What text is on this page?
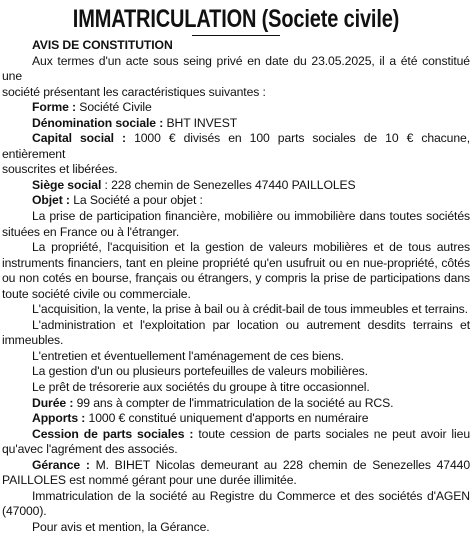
IMMATRICULATION (Societe civile)

AVIS DE CONSTITUTION

Aux termes d'un acte sous seing privé en date du 23.05.2025, il a été constitué une

société présentant les caractéristiques suivantes :

Forme : Société Civile

Dénomination sociale : BHT INVEST

Capital social : 1000 € divisés en 100 parts sociales de 10 € chacune, entièrement

souscrites et libérées.

Siège social : 228 chemin de Senezelles 47440 PAILLOLES

Objet : La Société a pour objet :

La prise de participation financière, mobilière ou immobilière dans toutes sociétés

situées en France ou à l'étranger.

La propriété, l'acquisition et la gestion de valeurs mobilières et de tous autres

instruments financiers, tant en pleine propriété qu'en usufruit ou en nue-propriété, côtés

ou non cotés en bourse, français ou étrangers, y compris la prise de participations dans

toute société civile ou commerciale.

L'acquisition, la vente, la prise à bail ou à crédit-bail de tous immeubles et terrains.

L'administration et l'exploitation par location ou autrement desdits terrains et

immeubles.

L'entretien et éventuellement l'aménagement de ces biens.

La gestion d'un ou plusieurs portefeuilles de valeurs mobilières.

Le prêt de trésorerie aux sociétés du groupe à titre occasionnel.

Durée : 99 ans à compter de l'immatriculation de la société au RCS.

Apports : 1000 € constitué uniquement d'apports en numéraire

Cession de parts sociales : toute cession de parts sociales ne peut avoir lieu

qu'avec l'agrément des associés.

Gérance : M. BIHET Nicolas demeurant au 228 chemin de Senezelles 47440

PAILLOLES est nommé gérant pour une durée illimitée.

Immatriculation de la société au Registre du Commerce et des sociétés d'AGEN

(47000).

Pour avis et mention, la Gérance.
